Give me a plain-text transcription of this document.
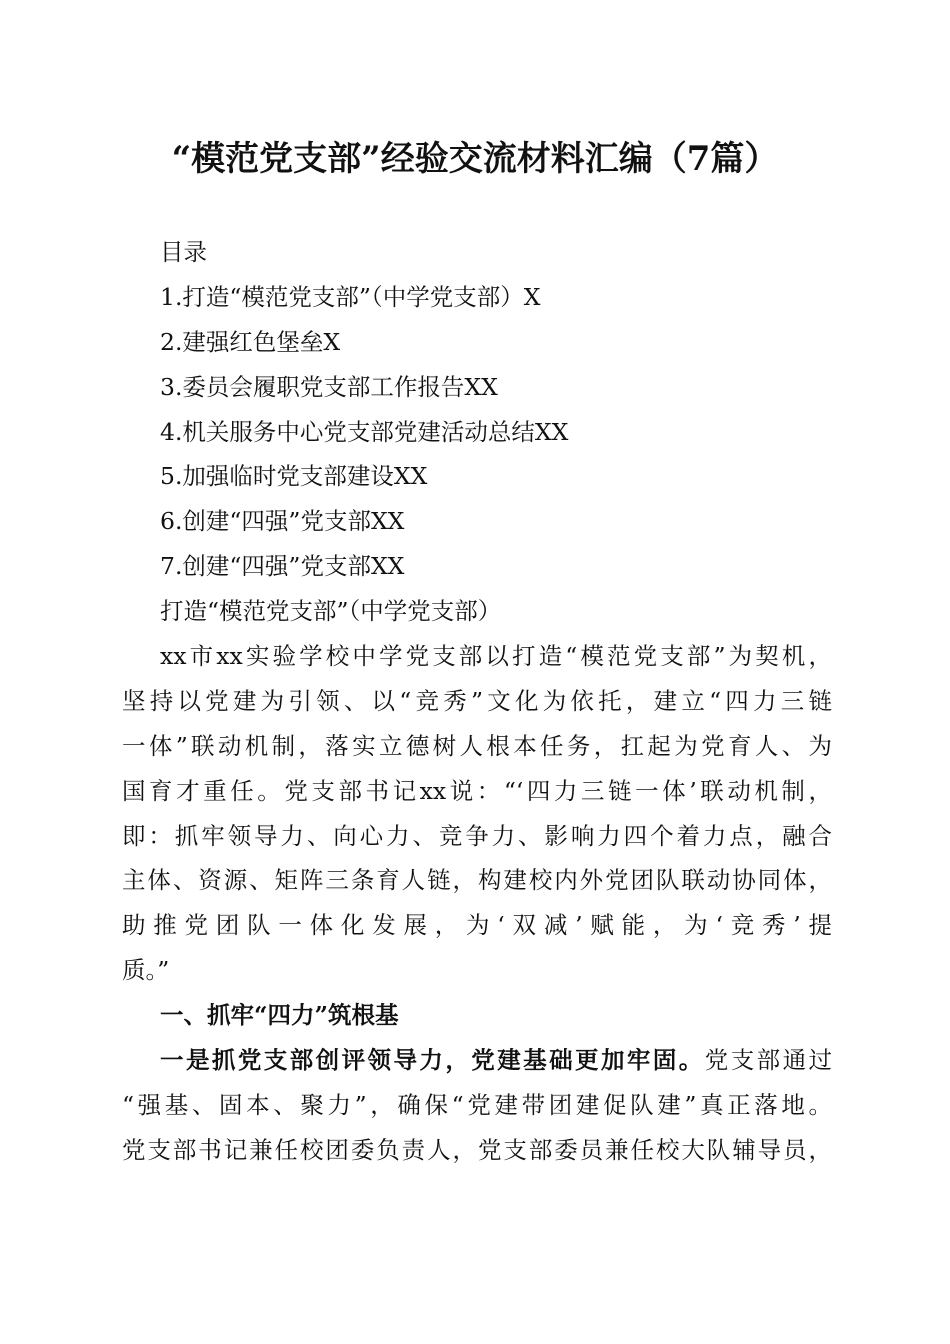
“模范党支部”经验交流材料汇编（7篇）
目录
1.打造“模范党支部”（中学党支部）X
2.建强红色堡垒X
3.委员会履职党支部工作报告XX
4.机关服务中心党支部党建活动总结XX
5.加强临时党支部建设XX
6.创建“四强”党支部XX
7.创建“四强”党支部XX
打造“模范党支部”（中学党支部）
xx市xx实验学校中学党支部以打造“模范党支部”为契机，
坚持以党建为引领、以“竞秀”文化为依托，建立“四力三链
一体”联动机制，落实立德树人根本任务，扛起为党育人、为
国育才重任。党支部书记xx说：“‘四力三链一体’联动机制，
即：抓牢领导力、向心力、竞争力、影响力四个着力点，融合
主体、资源、矩阵三条育人链，构建校内外党团队联动协同体，
助推党团队一体化发展，为‘双减’赋能，为‘竞秀’提
质。”
一、抓牢“四力”筑根基
一是抓党支部创评领导力，党建基础更加牢固。党支部通过
“强基、固本、聚力”，确保“党建带团建促队建”真正落地。
党支部书记兼任校团委负责人，党支部委员兼任校大队辅导员，
